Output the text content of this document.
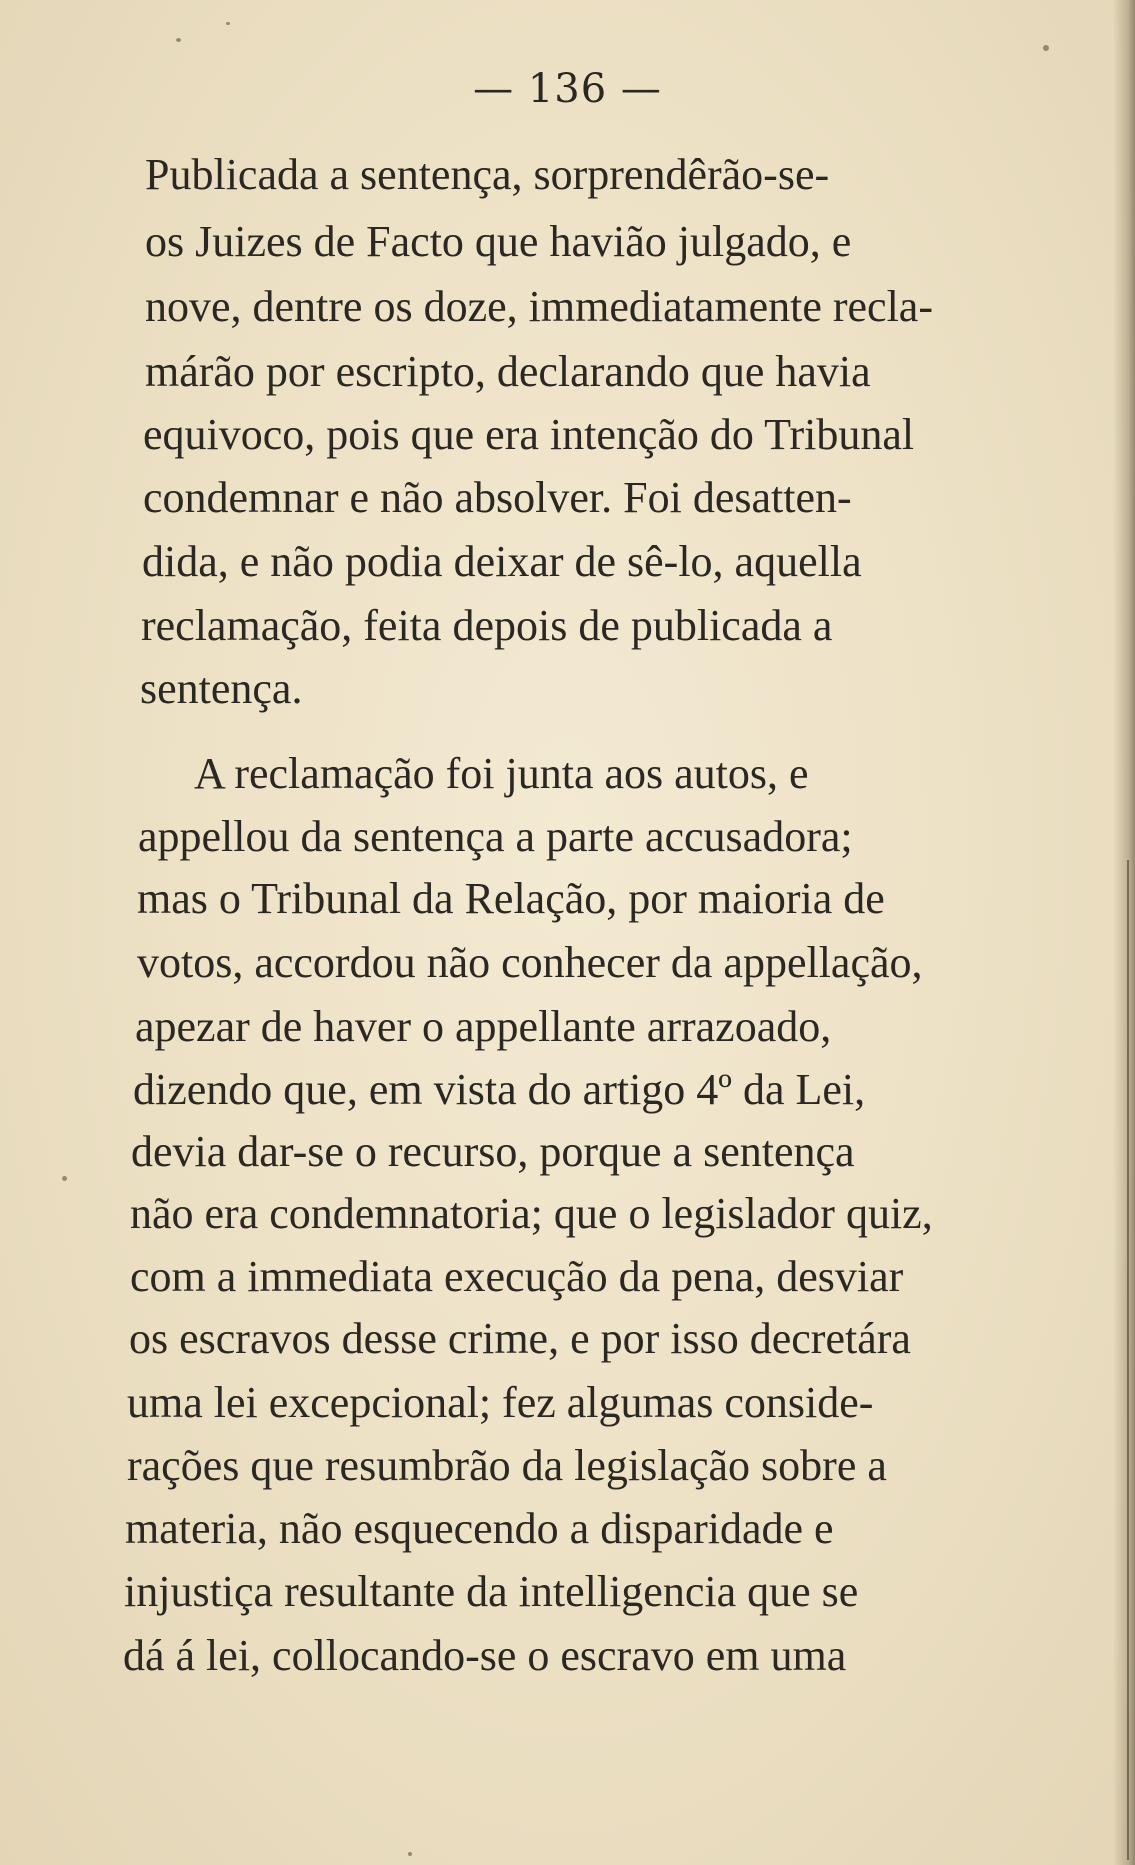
— 136 —
Publicada a sentença, sorprendêrão-se-
os Juizes de Facto que havião julgado, e
nove, dentre os doze, immediatamente recla-
márão por escripto, declarando que havia
equivoco, pois que era intenção do Tribunal
condemnar e não absolver. Foi desatten-
dida, e não podia deixar de sê-lo, aquella
reclamação, feita depois de publicada a
sentença.
A reclamação foi junta aos autos, e
appellou da sentença a parte accusadora;
mas o Tribunal da Relação, por maioria de
votos, accordou não conhecer da appellação,
apezar de haver o appellante arrazoado,
dizendo que, em vista do artigo 4º da Lei,
devia dar-se o recurso, porque a sentença
não era condemnatoria; que o legislador quiz,
com a immediata execução da pena, desviar
os escravos desse crime, e por isso decretára
uma lei excepcional; fez algumas conside-
rações que resumbrão da legislação sobre a
materia, não esquecendo a disparidade e
injustiça resultante da intelligencia que se
dá á lei, collocando-se o escravo em uma
